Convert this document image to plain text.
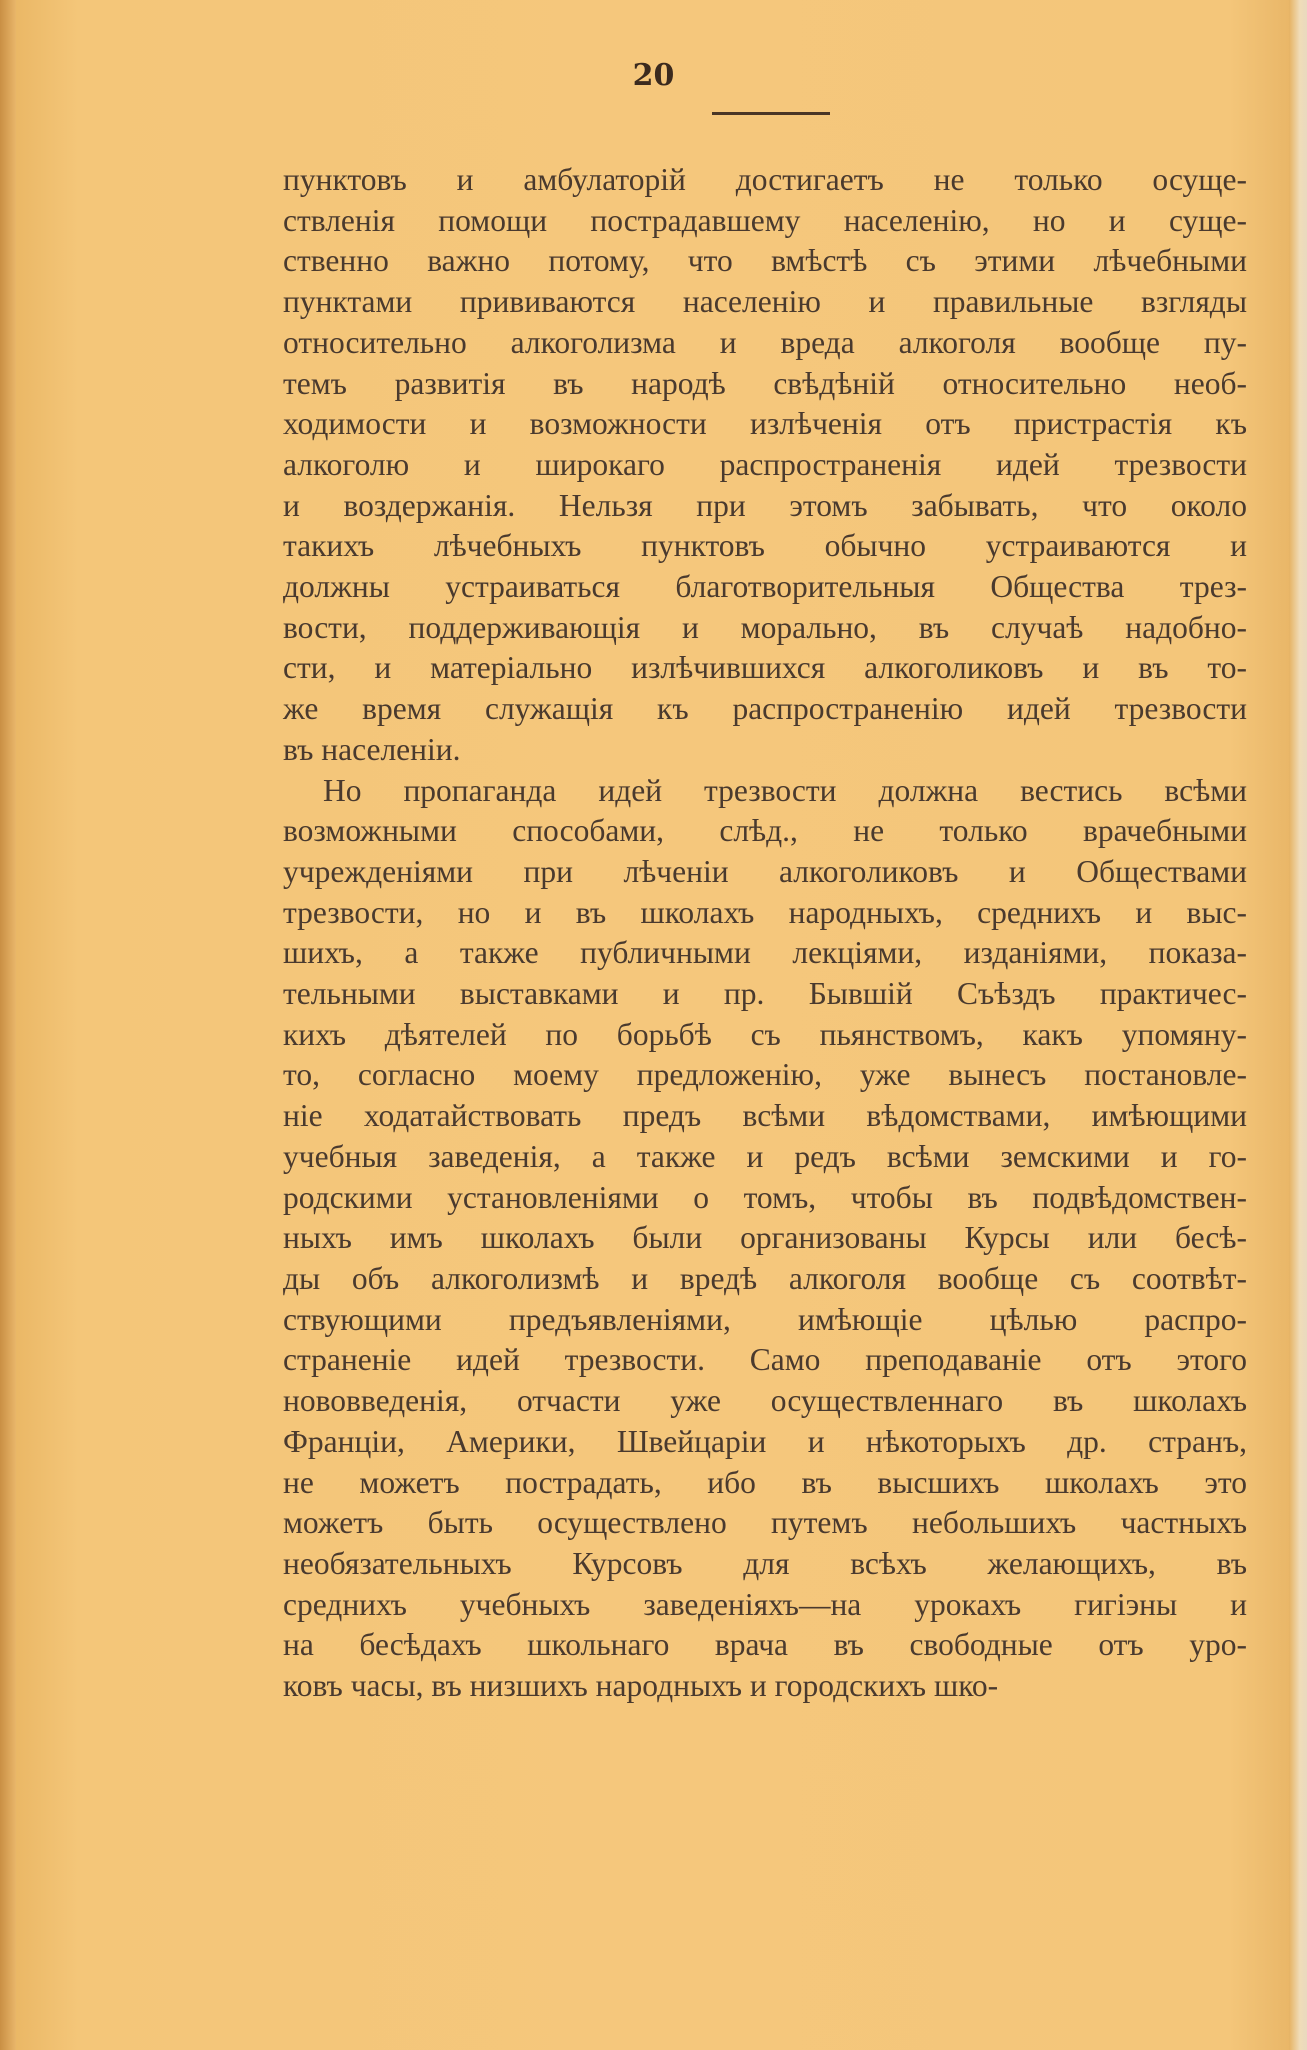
20
пунктовъ и амбулаторій достигаетъ не только осуще-
ствленія помощи пострадавшему населенію, но и суще-
ственно важно потому, что вмѣстѣ съ этими лѣчебными
пунктами прививаются населенію и правильные взгляды
относительно алкоголизма и вреда алкоголя вообще пу-
темъ развитія въ народѣ свѣдѣній относительно необ-
ходимости и возможности излѣченія отъ пристрастія къ
алкоголю и широкаго распространенія идей трезвости
и воздержанія. Нельзя при этомъ забывать, что около
такихъ лѣчебныхъ пунктовъ обычно устраиваются и
должны устраиваться благотворительныя Общества трез-
вости, поддерживающія и морально, въ случаѣ надобно-
сти, и матеріально излѣчившихся алкоголиковъ и въ то-
же время служащія къ распространенію идей трезвости
въ населеніи.
Но пропаганда идей трезвости должна вестись всѣми
возможными способами, слѣд., не только врачебными
учрежденіями при лѣченіи алкоголиковъ и Обществами
трезвости, но и въ школахъ народныхъ, среднихъ и выс-
шихъ, а также публичными лекціями, изданіями, показа-
тельными выставками и пр. Бывшій Съѣздъ практичес-
кихъ дѣятелей по борьбѣ съ пьянствомъ, какъ упомяну-
то, согласно моему предложенію, уже вынесъ постановле-
ніе ходатайствовать предъ всѣми вѣдомствами, имѣющими
учебныя заведенія, а также и редъ всѣми земскими и го-
родскими установленіями о томъ, чтобы въ подвѣдомствен-
ныхъ имъ школахъ были организованы Курсы или бесѣ-
ды объ алкоголизмѣ и вредѣ алкоголя вообще съ соотвѣт-
ствующими предъявленіями, имѣющіе цѣлью распро-
страненіе идей трезвости. Само преподаваніе отъ этого
нововведенія, отчасти уже осуществленнаго въ школахъ
Франціи, Америки, Швейцаріи и нѣкоторыхъ др. странъ,
не можетъ пострадать, ибо въ высшихъ школахъ это
можетъ быть осуществлено путемъ небольшихъ частныхъ
необязательныхъ Курсовъ для всѣхъ желающихъ, въ
среднихъ учебныхъ заведеніяхъ—на урокахъ гигіэны и
на бесѣдахъ школьнаго врача въ свободные отъ уро-
ковъ часы, въ низшихъ народныхъ и городскихъ шко-
